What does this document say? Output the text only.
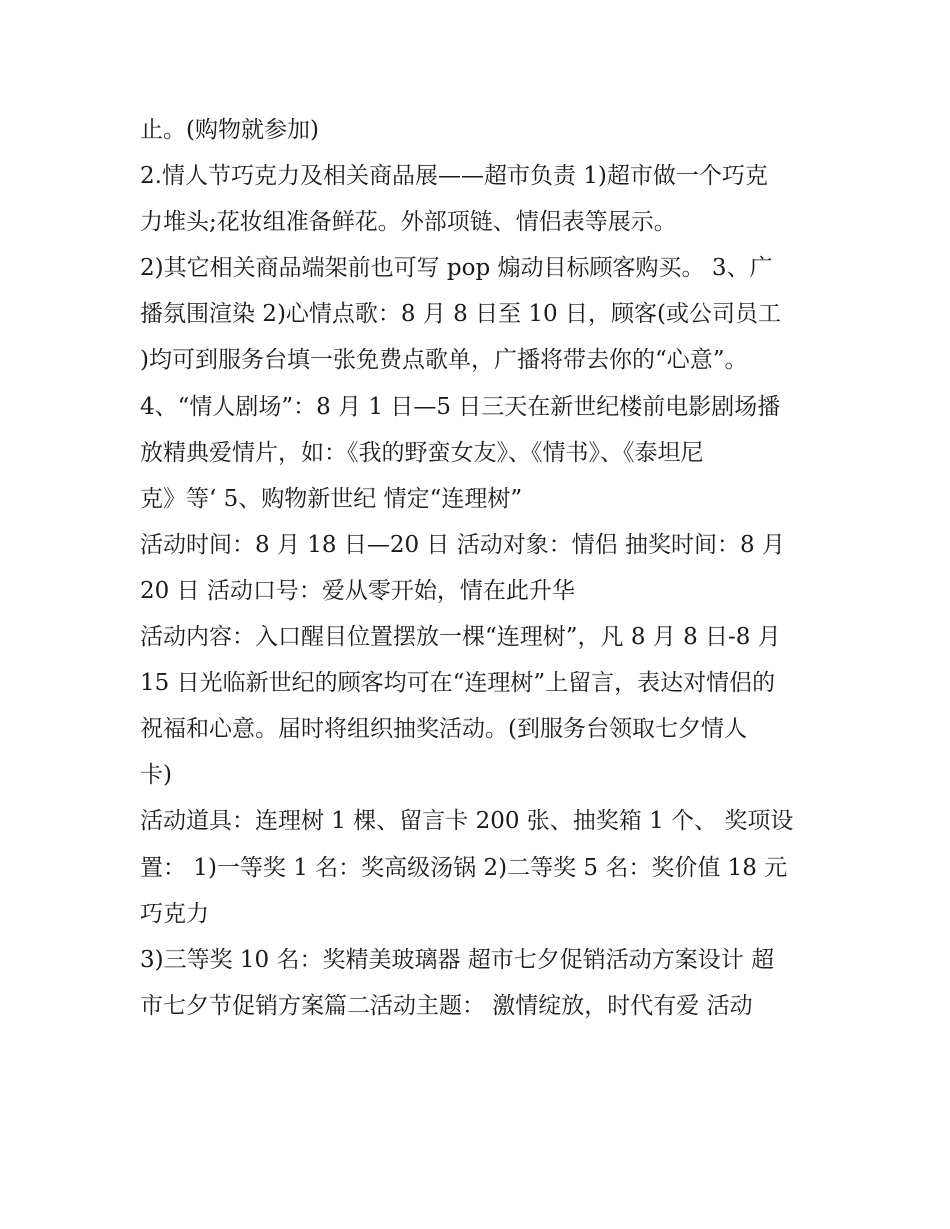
止。(购物就参加)
2.情人节巧克力及相关商品展——超市负责 1)超市做一个巧克
力堆头;花妆组准备鲜花。外部项链、情侣表等展示。
2)其它相关商品端架前也可写 pop 煽动目标顾客购买。 3、广
播氛围渲染 2)心情点歌：8 月 8 日至 10 日，顾客(或公司员工
)均可到服务台填一张免费点歌单，广播将带去你的“心意”。
4、“情人剧场”：8 月 1 日—5 日三天在新世纪楼前电影剧场播
放精典爱情片，如：《我的野蛮女友》、《情书》、《泰坦尼
克》等‘ 5、购物新世纪 情定“连理树”
活动时间：8 月 18 日—20 日 活动对象：情侣 抽奖时间：8 月
20 日 活动口号：爱从零开始，情在此升华
活动内容：入口醒目位置摆放一棵“连理树”，凡 8 月 8 日-8 月
15 日光临新世纪的顾客均可在“连理树”上留言，表达对情侣的
祝福和心意。届时将组织抽奖活动。(到服务台领取七夕情人
卡)
活动道具：连理树 1 棵、留言卡 200 张、抽奖箱 1 个、 奖项设
置： 1)一等奖 1 名：奖高级汤锅 2)二等奖 5 名：奖价值 18 元
巧克力
3)三等奖 10 名：奖精美玻璃器 超市七夕促销活动方案设计 超
市七夕节促销方案篇二活动主题： 激情绽放，时代有爱 活动
